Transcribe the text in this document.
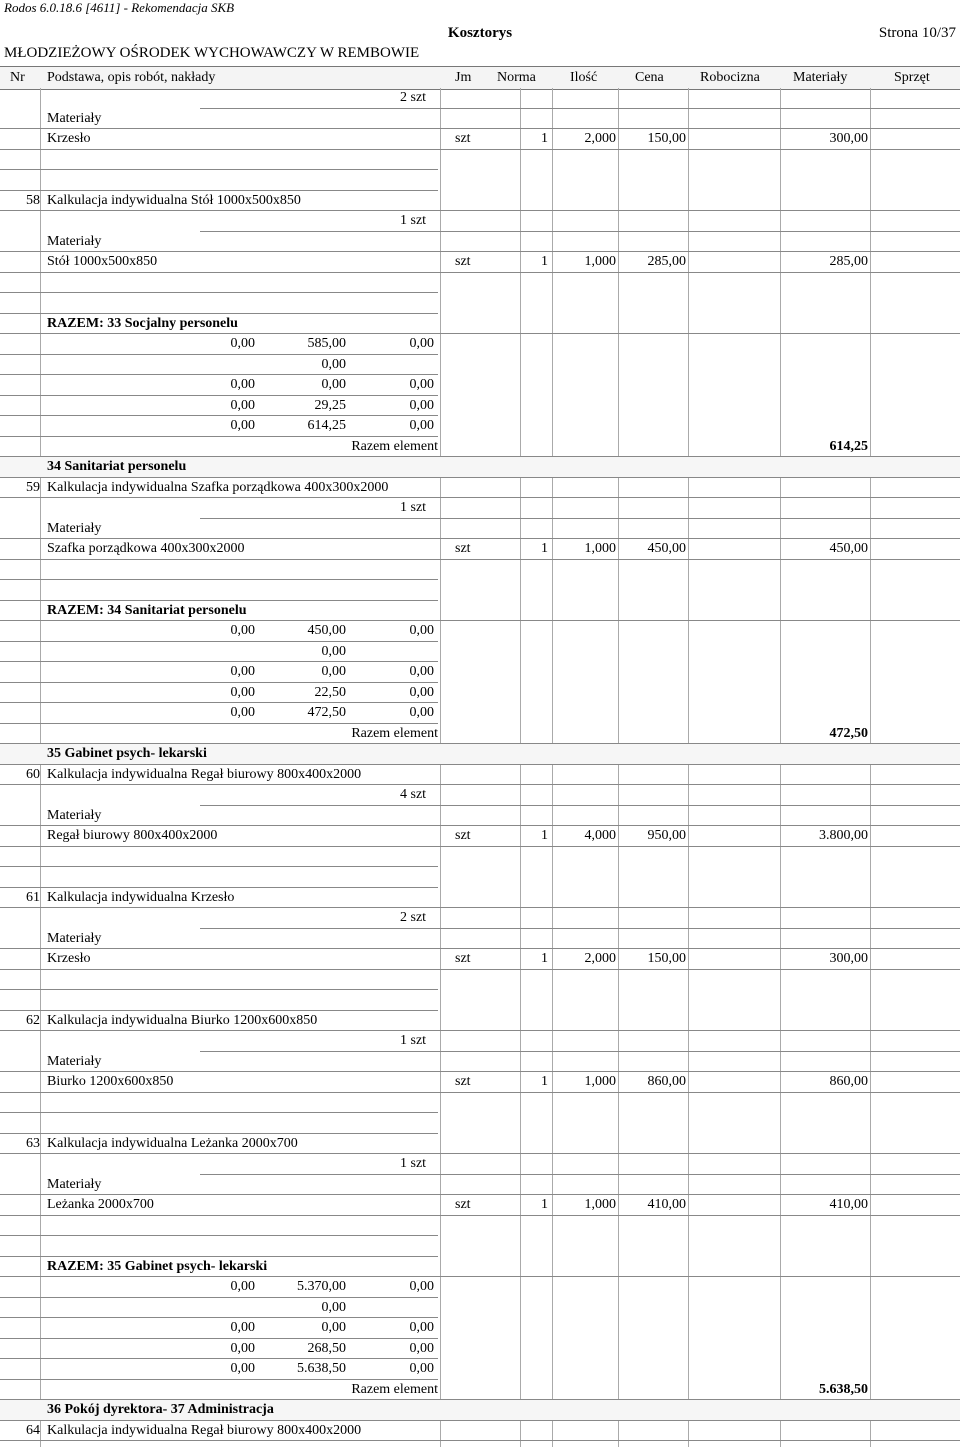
Rodos 6.0.18.6 [4611] - Rekomendacja SKB
Kosztorys	Strona 10/37
MŁODZIEŻOWY OŚRODEK WYCHOWAWCZY W REMBOWIE
Nr Podstawa, opis robót, nakłady	Jm Norma Ilość	Cena	Robocizna Materiały	Sprzęt
2 szt
Materiały
Krzesło	szt	1	2,000 150,00	300,00
58 Kalkulacja indywidualna Stół 1000x500x850
1 szt
Materiały
Stół 1000x500x850	szt	1	1,000 285,00	285,00
RAZEM: 33 Socjalny personelu
0,00	585,00	0,00
0,00
0,00	0,00	0,00
0,00	29,25	0,00
0,00	614,25	0,00
Razem element	614,25
34 Sanitariat personelu
59 Kalkulacja indywidualna Szafka porządkowa 400x300x2000
1 szt
Materiały
Szafka porządkowa 400x300x2000	szt	1	1,000 450,00	450,00
RAZEM: 34 Sanitariat personelu
0,00	450,00	0,00
0,00
0,00	0,00	0,00
0,00	22,50	0,00
0,00	472,50	0,00
Razem element	472,50
35 Gabinet psych- lekarski
60 Kalkulacja indywidualna Regał biurowy 800x400x2000
4 szt
Materiały
Regał biurowy 800x400x2000	szt	1	4,000 950,00	3.800,00
61 Kalkulacja indywidualna Krzesło
2 szt
Materiały
Krzesło	szt	1	2,000 150,00	300,00
62 Kalkulacja indywidualna Biurko 1200x600x850
1 szt
Materiały
Biurko 1200x600x850	szt	1	1,000 860,00	860,00
63 Kalkulacja indywidualna Leżanka 2000x700
1 szt
Materiały
Leżanka 2000x700	szt	1	1,000 410,00	410,00
RAZEM: 35 Gabinet psych- lekarski
0,00	5.370,00	0,00
0,00
0,00	0,00	0,00
0,00	268,50	0,00
0,00	5.638,50	0,00
Razem element	5.638,50
36 Pokój dyrektora- 37 Administracja
64 Kalkulacja indywidualna Regał biurowy 800x400x2000
